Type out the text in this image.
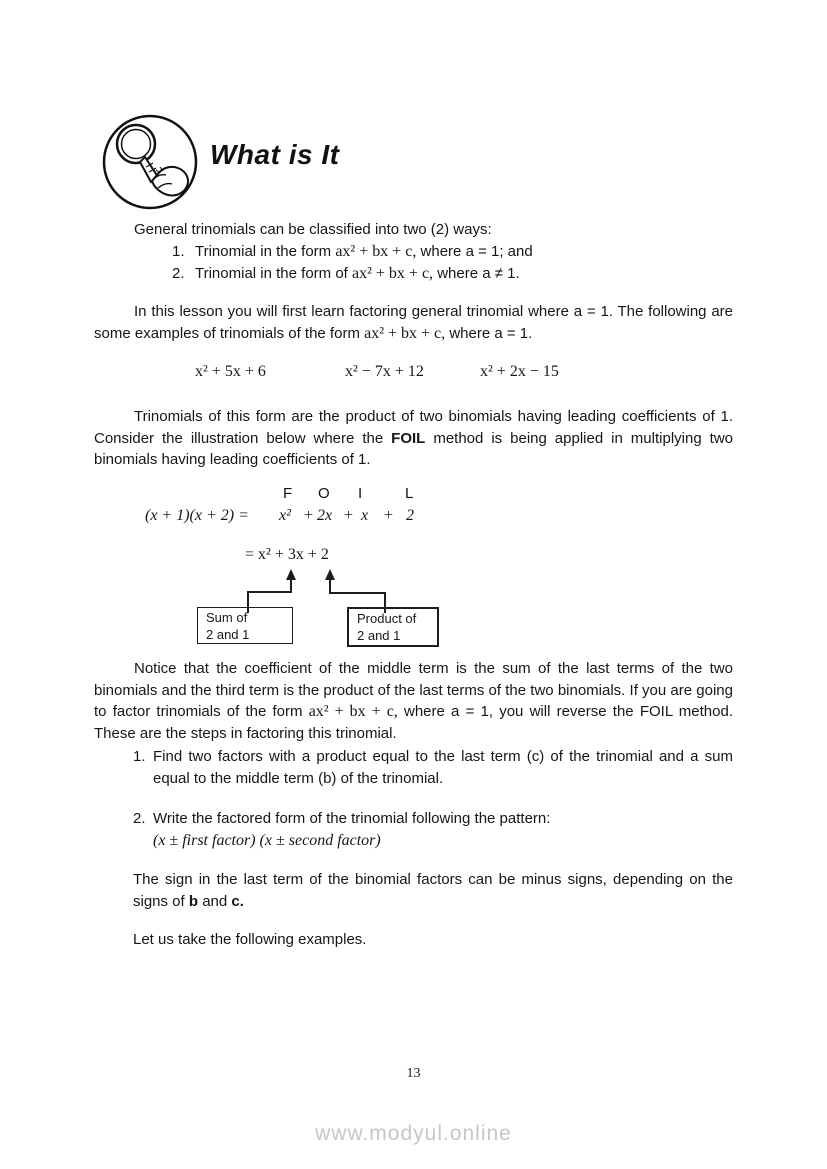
What is It

General trinomials can be classified into two (2) ways:

1. Trinomial in the form ax² + bx + c, where a = 1; and
2. Trinomial in the form of ax² + bx + c, where a ≠ 1.

In this lesson you will first learn factoring general trinomial where a = 1. The following are some examples of trinomials of the form ax² + bx + c, where a = 1.

x² + 5x + 6	x² − 7x + 12	x² + 2x − 15

Trinomials of this form are the product of two binomials having leading coefficients of 1. Consider the illustration below where the FOIL method is being applied in multiplying two binomials having leading coefficients of 1.

F O I	L
(x + 1)(x + 2) = x² + 2x + x + 2
= x² + 3x + 2
Sum of
2 and 1
Product of
2 and 1

Notice that the coefficient of the middle term is the sum of the last terms of the two binomials and the third term is the product of the last terms of the two binomials. If you are going to factor trinomials of the form ax² + bx + c, where a = 1, you will reverse the FOIL method. These are the steps in factoring this trinomial.

1. Find two factors with a product equal to the last term (c) of the trinomial and a sum equal to the middle term (b) of the trinomial.
2. Write the factored form of the trinomial following the pattern:
(x ± first factor) (x ± second factor)

The sign in the last term of the binomial factors can be minus signs, depending on the signs of b and c.

Let us take the following examples.

13
www.modyul.online
